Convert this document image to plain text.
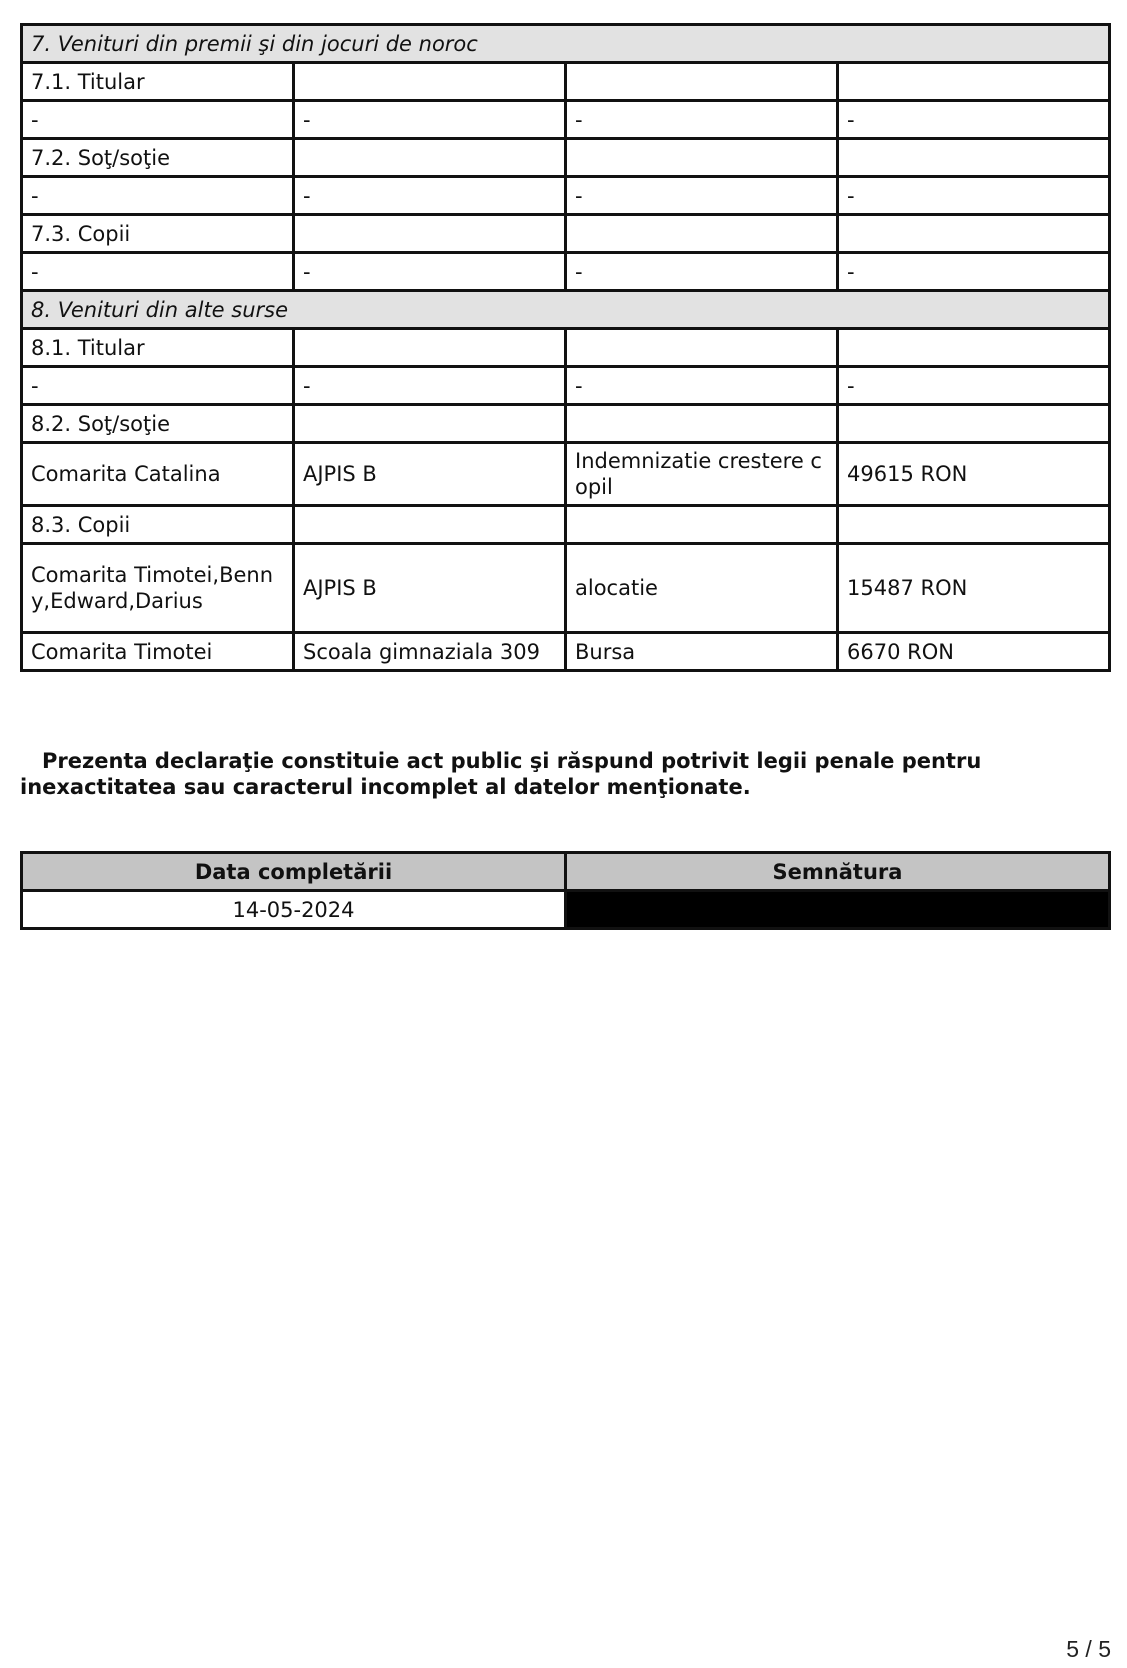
7. Venituri din premii şi din jocuri de noroc			
7.1. Titular			
-	-	-	-
7.2. Soţ/soţie			
-	-	-	-
7.3. Copii			
-	-	-	-
8. Venituri din alte surse			
8.1. Titular			
-	-	-	-
8.2. Soţ/soţie			
Comarita Catalina	AJPIS B	Indemnizatie crestere copil	49615 RON
8.3. Copii			
Comarita Timotei,Benny,Edward,Darius	AJPIS B	alocatie	15487 RON
Comarita Timotei	Scoala gimnaziala 309	Bursa	6670 RON

Prezenta declaraţie constituie act public şi răspund potrivit legii penale pentru inexactitatea sau caracterul incomplet al datelor menţionate.

Data completării	Semnătura
14-05-2024	
5 / 5
